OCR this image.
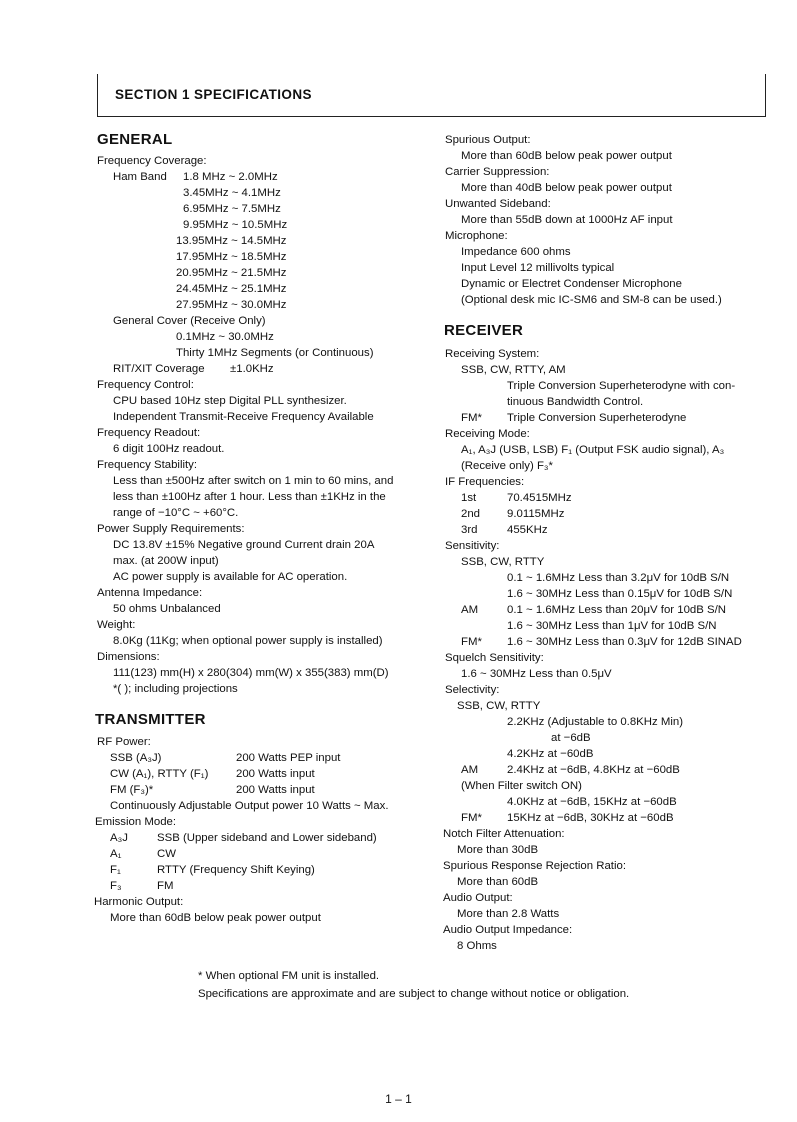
SECTION 1 SPECIFICATIONS
GENERAL
Frequency Coverage:
Ham Band 1.8 MHz ~ 2.0MHz
3.45MHz ~ 4.1MHz
6.95MHz ~ 7.5MHz
9.95MHz ~ 10.5MHz
13.95MHz ~ 14.5MHz
17.95MHz ~ 18.5MHz
20.95MHz ~ 21.5MHz
24.45MHz ~ 25.1MHz
27.95MHz ~ 30.0MHz
General Cover (Receive Only)
0.1MHz ~ 30.0MHz
Thirty 1MHz Segments (or Continuous)
RIT/XIT Coverage ±1.0KHz
Frequency Control:
CPU based 10Hz step Digital PLL synthesizer.
Independent Transmit-Receive Frequency Available
Frequency Readout:
6 digit 100Hz readout.
Frequency Stability:
Less than ±500Hz after switch on 1 min to 60 mins, and
less than ±100Hz after 1 hour. Less than ±1KHz in the
range of −10°C ~ +60°C.
Power Supply Requirements:
DC 13.8V ±15% Negative ground Current drain 20A
max. (at 200W input)
AC power supply is available for AC operation.
Antenna Impedance:
50 ohms Unbalanced
Weight:
8.0Kg (11Kg; when optional power supply is installed)
Dimensions:
111(123) mm(H) x 280(304) mm(W) x 355(383) mm(D)
*( ); including projections
TRANSMITTER
RF Power:
SSB (A₃J)	200 Watts PEP input
CW (A₁), RTTY (F₁) 200 Watts input
FM (F₃)*	200 Watts input
Continuously Adjustable Output power 10 Watts ~ Max.
Emission Mode:
A₃J	SSB (Upper sideband and Lower sideband)
A₁	CW
F₁	RTTY (Frequency Shift Keying)
F₃	FM
Harmonic Output:
More than 60dB below peak power output
Spurious Output:
More than 60dB below peak power output
Carrier Suppression:
More than 40dB below peak power output
Unwanted Sideband:
More than 55dB down at 1000Hz AF input
Microphone:
Impedance 600 ohms
Input Level 12 millivolts typical
Dynamic or Electret Condenser Microphone
(Optional desk mic IC-SM6 and SM-8 can be used.)
RECEIVER
Receiving System:
SSB, CW, RTTY, AM
Triple Conversion Superheterodyne with con-
tinuous Bandwidth Control.
FM* Triple Conversion Superheterodyne
Receiving Mode:
A₁, A₃J (USB, LSB) F₁ (Output FSK audio signal), A₃
(Receive only) F₃*
IF Frequencies:
1st	70.4515MHz
2nd 9.0115MHz
3rd	455KHz
Sensitivity:
SSB, CW, RTTY
0.1 ~ 1.6MHz Less than 3.2μV for 10dB S/N
1.6 ~ 30MHz Less than 0.15μV for 10dB S/N
AM	0.1 ~ 1.6MHz Less than 20μV for 10dB S/N
1.6 ~ 30MHz Less than 1μV for 10dB S/N
FM* 1.6 ~ 30MHz Less than 0.3μV for 12dB SINAD
Squelch Sensitivity:
1.6 ~ 30MHz Less than 0.5μV
Selectivity:
SSB, CW, RTTY
2.2KHz (Adjustable to 0.8KHz Min)
at −6dB
4.2KHz at −60dB
AM	2.4KHz at −6dB, 4.8KHz at −60dB
(When Filter switch ON)
4.0KHz at −6dB, 15KHz at −60dB
FM* 15KHz at −6dB, 30KHz at −60dB
Notch Filter Attenuation:
More than 30dB
Spurious Response Rejection Ratio:
More than 60dB
Audio Output:
More than 2.8 Watts
Audio Output Impedance:
8 Ohms
* When optional FM unit is installed.
Specifications are approximate and are subject to change without notice or obligation.
1 – 1
